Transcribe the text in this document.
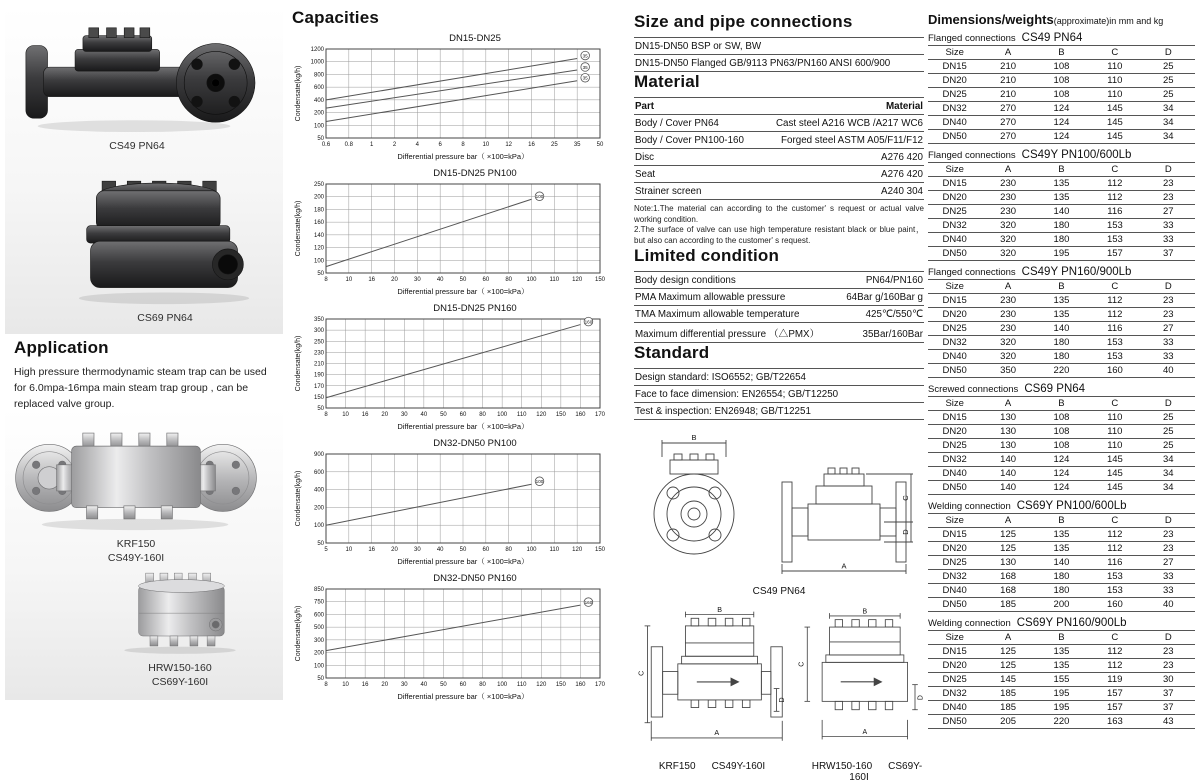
CS49 PN64
CS69 PN64
Application

High pressure thermodynamic steam trap can be used for 6.0mpa-16mpa main steam trap group , can be replaced valve group.

KRF150
CS49Y-160I
HRW150-160
CS69Y-160I
Capacities
DN15-DN25
0.6 0.8	1	2	4	6	8	10	12	16	25	35	50
1200
1000
800
600
400
200
100
50
Condensate(kg/h)
Differential pressure bar（ ×100=kPa）
35
35
35
DN15-DN25 PN100
8	10	16	20	30	40	50	60	80 100 110 120 150
250
200
180
160
140
120
100
50
Condensate(kg/h)
Differential pressure bar（ ×100=kPa）
100
DN15-DN25 PN160
8 10 16 20 30 40 50 60 80 100 110 120 150 160 170
350
300
250
230
210
190
170
150
50
Condensate(kg/h)
Differential pressure bar（ ×100=kPa）
160
DN32-DN50 PN100
5	10	16	20	30	40	50	60	80 100 110 120 150
900
600
400
200
100
50
Condensate(kg/h)
Differential pressure bar（ ×100=kPa）
100
DN32-DN50 PN160
8 10 16 20 30 40 50 60 80 100 110 120 150 160 170
850
750
600
500
300
200
100
50
Condensate(kg/h)
Differential pressure bar（ ×100=kPa）
160
Size and pipe connections
DN15-DN50 BSP or SW, BW
DN15-DN50 Flanged GB/9113 PN63/PN160 ANSI 600/900
Material
Part	Material
Body / Cover PN64	Cast steel A216 WCB /A217 WC6
Body / Cover PN100-160	Forged steel ASTM A05/F11/F12
Disc	A276 420
Seat	A276 420
Strainer screen	A240 304
Note:1.The material can according to the customer' s request or actual valve working condition.
2.The surface of valve can use high temperature resistant black or blue paint，but also can according to the customer' s request.
Limited condition
Body design conditions	PN64/PN160
PMA Maximum allowable pressure	64Bar g/160Bar g
TMA Maximum allowable temperature	425℃/550℃
Maximum differential pressure （△PMX）	35Bar/160Bar
Standard
Design standard: ISO6552; GB/T22654
Face to face dimension: EN26554; GB/T12250
Test & inspection: EN26948; GB/T12251
B
A
C
D
CS49 PN64
B
A
C
D
KRF150 CS49Y-160I
B
A
C
D
HRW150-160 CS69Y-160I
Dimensions/weights(approximate)in mm and kg
Flanged connections CS49 PN64
Size	A	B	C	D
DN15	210	108	110	25
DN20	210	108	110	25
DN25	210	108	110	25
DN32	270	124	145	34
DN40	270	124	145	34
DN50	270	124	145	34
Flanged connections CS49Y PN100/600Lb
Size	A	B	C	D
DN15	230	135	112	23
DN20	230	135	112	23
DN25	230	140	116	27
DN32	320	180	153	33
DN40	320	180	153	33
DN50	320	195	157	37
Flanged connections CS49Y PN160/900Lb
Size	A	B	C	D
DN15	230	135	112	23
DN20	230	135	112	23
DN25	230	140	116	27
DN32	320	180	153	33
DN40	320	180	153	33
DN50	350	220	160	40
Screwed connections CS69 PN64
Size	A	B	C	D
DN15	130	108	110	25
DN20	130	108	110	25
DN25	130	108	110	25
DN32	140	124	145	34
DN40	140	124	145	34
DN50	140	124	145	34
Welding connection CS69Y PN100/600Lb
Size	A	B	C	D
DN15	125	135	112	23
DN20	125	135	112	23
DN25	130	140	116	27
DN32	168	180	153	33
DN40	168	180	153	33
DN50	185	200	160	40
Welding connection CS69Y PN160/900Lb
Size	A	B	C	D
DN15	125	135	112	23
DN20	125	135	112	23
DN25	145	155	119	30
DN32	185	195	157	37
DN40	185	195	157	37
DN50	205	220	163	43
